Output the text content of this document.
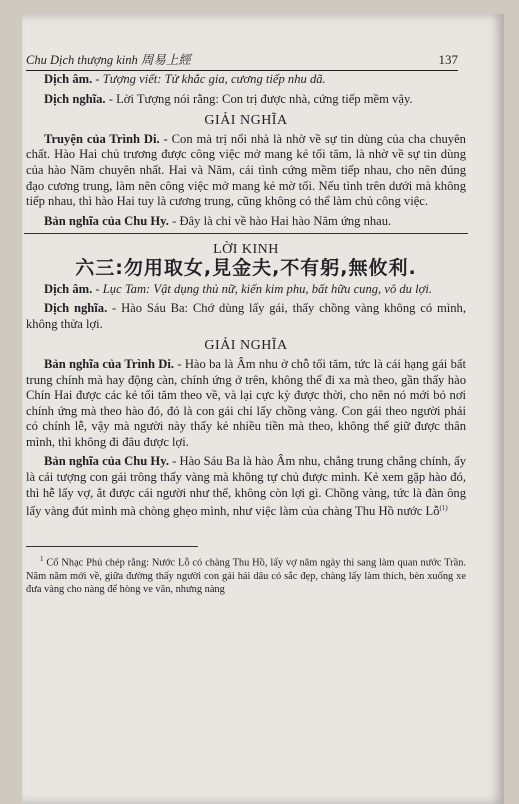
Chu Dịch thượng kinh 周易上經	137

Dịch âm. - Tượng viết: Tử khắc gia, cương tiếp nhu dã.

Dịch nghĩa. - Lời Tượng nói rằng: Con trị được nhà, cứng tiếp mềm vậy.

GIẢI NGHĨA

Truyện của Trình Di. - Con mà trị nổi nhà là nhờ về sự tin dùng của cha chuyên chất. Hào Hai chủ trương được công việc mở mang kẻ tối tăm, là nhờ về sự tin dùng của hào Năm chuyên nhất. Hai và Năm, cái tình cứng mềm tiếp nhau, cho nên đúng đạo cương trung, làm nên công việc mở mang kẻ mờ tối. Nếu tình trên dưới mà không tiếp nhau, thì hào Hai tuy là cương trung, cũng không có thể làm chủ công việc.

Bản nghĩa của Chu Hy. - Đây là chỉ về hào Hai hào Năm ứng nhau.

LỜI KINH
六三:勿用取女,見金夫,不有躬,無攸利.

Dịch âm. - Lục Tam: Vật dụng thủ nữ, kiến kim phu, bất hữu cung, vô du lợi.

Dịch nghĩa. - Hào Sáu Ba: Chớ dùng lấy gái, thấy chồng vàng không có mình, không thửa lợi.

GIẢI NGHĨA

Bản nghĩa của Trình Di. - Hào ba là Âm nhu ở chỗ tối tăm, tức là cái hạng gái bất trung chính mà hay động càn, chính ứng ở trên, không thể đi xa mà theo, gần thấy hào Chín Hai được các kẻ tối tăm theo về, và lại cực kỳ được thời, cho nên nó mới bỏ nơi chính ứng mà theo hào đó, đó là con gái chỉ lấy chồng vàng. Con gái theo người phải có chính lễ, vậy mà người này thấy kẻ nhiều tiền mà theo, không thể giữ được thân mình, thì không đi đâu được lợi.

Bản nghĩa của Chu Hy. - Hào Sáu Ba là hào Âm nhu, chẳng trung chẳng chính, ấy là cái tượng con gái trông thấy vàng mà không tự chủ được mình. Kẻ xem gặp hào đó, thì hễ lấy vợ, ắt được cái người như thế, không còn lợi gì. Chồng vàng, tức là đàn ông lấy vàng đút mình mà chòng ghẹo mình, như việc làm của chàng Thu Hồ nước Lỗ$^{(1)}$

$^1$ Cổ Nhạc Phủ chép rằng: Nước Lỗ có chàng Thu Hồ, lấy vợ năm ngày thì sang làm quan nước Trần. Năm năm mới về, giữa đường thấy người con gái hái dâu có sắc đẹp, chàng lấy làm thích, bèn xuống xe đưa vàng cho nàng để hòng ve vãn, nhưng nàng
